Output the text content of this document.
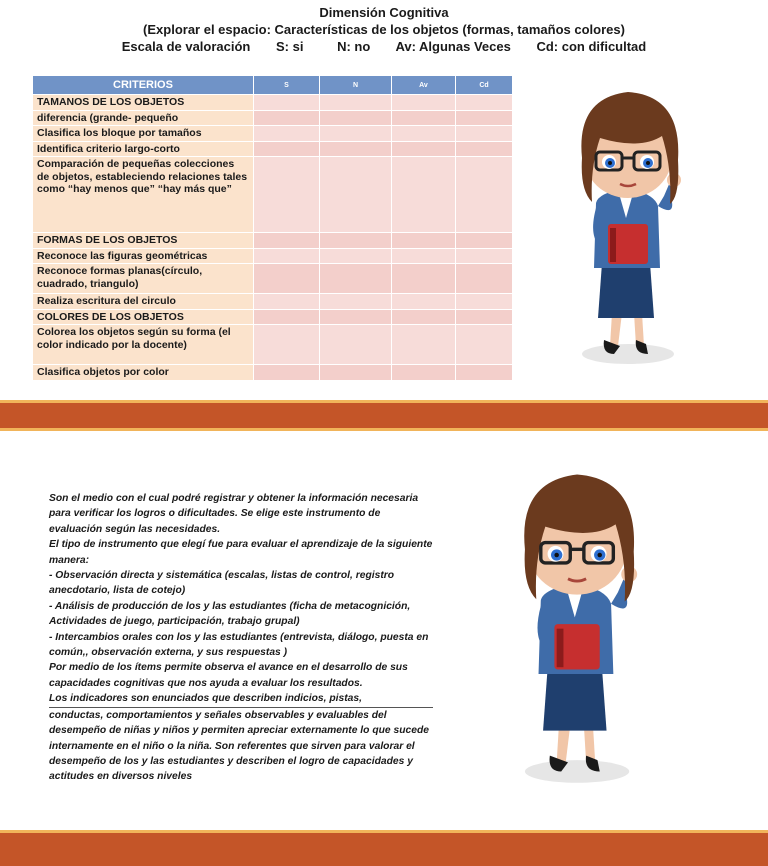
Dimensión Cognitiva
(Explorar el espacio: Características de los objetos (formas, tamaños colores)
Escala de valoración S: si	N: no Av: Algunas Veces Cd: con dificultad
CRITERIOS	S	N	Av	Cd
TAMANOS DE LOS OBJETOS				
diferencia (grande- pequeño				
Clasifica los bloque por tamaños				
Identifica criterio largo-corto				
Comparación de pequeñas colecciones de objetos, estableciendo relaciones tales como “hay menos que” “hay más que”				
FORMAS DE LOS OBJETOS				
Reconoce las figuras geométricas				
Reconoce formas planas(círculo, cuadrado, triangulo)				
Realiza escritura del circulo				
COLORES DE LOS OBJETOS				
Colorea los objetos según su forma (el color indicado por la docente)				
Clasifica objetos por color				

Son el medio con el cual podré registrar y obtener la información necesaria para verificar los logros o dificultades. Se elige este instrumento de evaluación según las necesidades.

El tipo de instrumento que elegí fue para evaluar el aprendizaje de la siguiente manera:

- Observación directa y sistemática (escalas, listas de control, registro anecdotario, lista de cotejo)

- Análisis de producción de los y las estudiantes (ficha de metacognición, Actividades de juego, participación, trabajo grupal)

- Intercambios orales con los y las estudiantes (entrevista, diálogo, puesta en común,, observación externa, y sus respuestas )

Por medio de los ítems permite observa el avance en el desarrollo de sus capacidades cognitivas que nos ayuda a evaluar los resultados.

Los indicadores son enunciados que describen indicios, pistas,

conductas, comportamientos y señales observables y evaluables del desempeño de niñas y niños y permiten apreciar externamente lo que sucede internamente en el niño o la niña. Son referentes que sirven para valorar el desempeño de los y las estudiantes y describen el logro de capacidades y actitudes en diversos niveles
